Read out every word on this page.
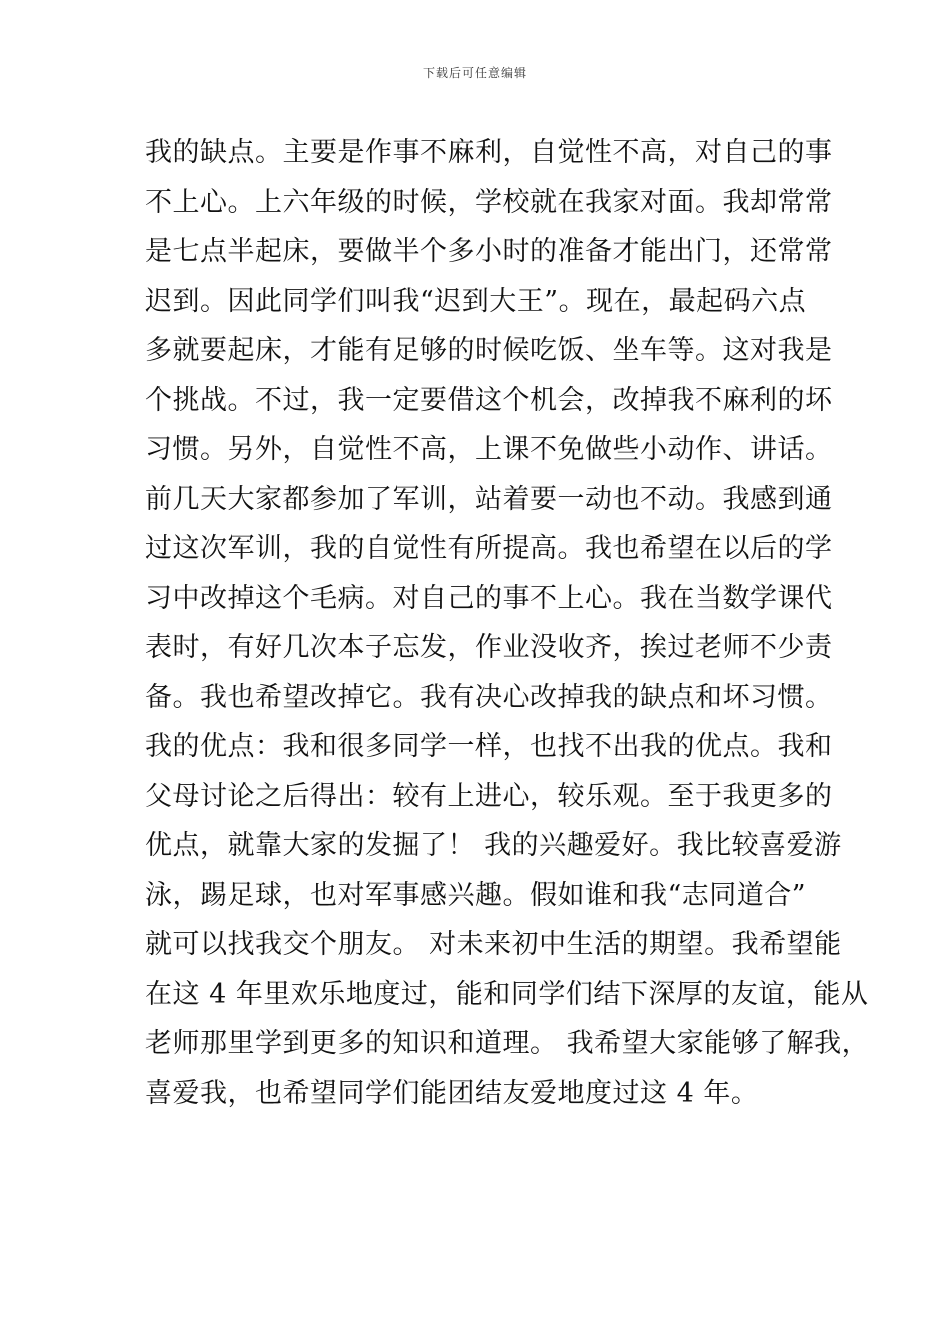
下载后可任意编辑
我的缺点。主要是作事不麻利，自觉性不高，对自己的事
不上心。上六年级的时候，学校就在我家对面。我却常常
是七点半起床，要做半个多小时的准备才能出门，还常常
迟到。因此同学们叫我“迟到大王”。现在，最起码六点
多就要起床，才能有足够的时候吃饭、坐车等。这对我是
个挑战。不过，我一定要借这个机会，改掉我不麻利的坏
习惯。另外，自觉性不高，上课不免做些小动作、讲话。
前几天大家都参加了军训，站着要一动也不动。我感到通
过这次军训，我的自觉性有所提高。我也希望在以后的学
习中改掉这个毛病。对自己的事不上心。我在当数学课代
表时，有好几次本子忘发，作业没收齐，挨过老师不少责
备。我也希望改掉它。我有决心改掉我的缺点和坏习惯。
我的优点：我和很多同学一样，也找不出我的优点。我和
父母讨论之后得出：较有上进心，较乐观。至于我更多的
优点，就靠大家的发掘了！ 我的兴趣爱好。我比较喜爱游
泳，踢足球，也对军事感兴趣。假如谁和我“志同道合”
就可以找我交个朋友。 对未来初中生活的期望。我希望能
在这 4 年里欢乐地度过，能和同学们结下深厚的友谊，能从
老师那里学到更多的知识和道理。 我希望大家能够了解我，
喜爱我，也希望同学们能团结友爱地度过这 4 年。
